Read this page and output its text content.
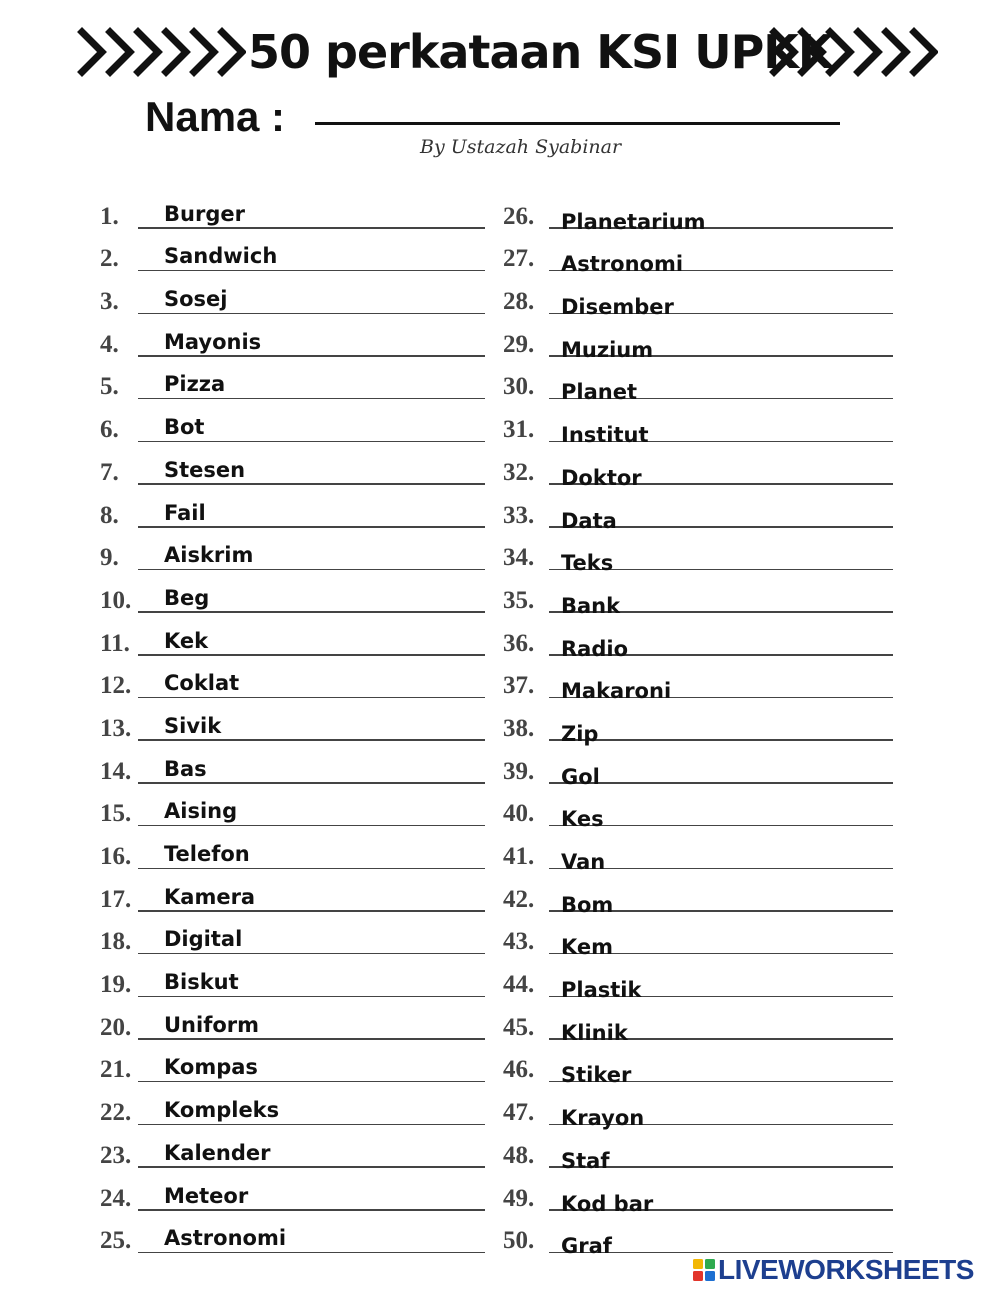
50 perkataan KSI UPKK
Nama :
By Ustazah Syabinar
1. Burger
2. Sandwich
3. Sosej
4. Mayonis
5. Pizza
6. Bot
7. Stesen
8. Fail
9. Aiskrim
10. Beg
11. Kek
12. Coklat
13. Sivik
14. Bas
15. Aising
16. Telefon
17. Kamera
18. Digital
19. Biskut
20. Uniform
21. Kompas
22. Kompleks
23. Kalender
24. Meteor
25. Astronomi
26. Planetarium
27. Astronomi
28. Disember
29. Muzium
30. Planet
31. Institut
32. Doktor
33. Data
34. Teks
35. Bank
36. Radio
37. Makaroni
38. Zip
39. Gol
40. Kes
41. Van
42. Bom
43. Kem
44. Plastik
45. Klinik
46. Stiker
47. Krayon
48. Staf
49. Kod bar
50. Graf
LIVEWORKSHEETS
